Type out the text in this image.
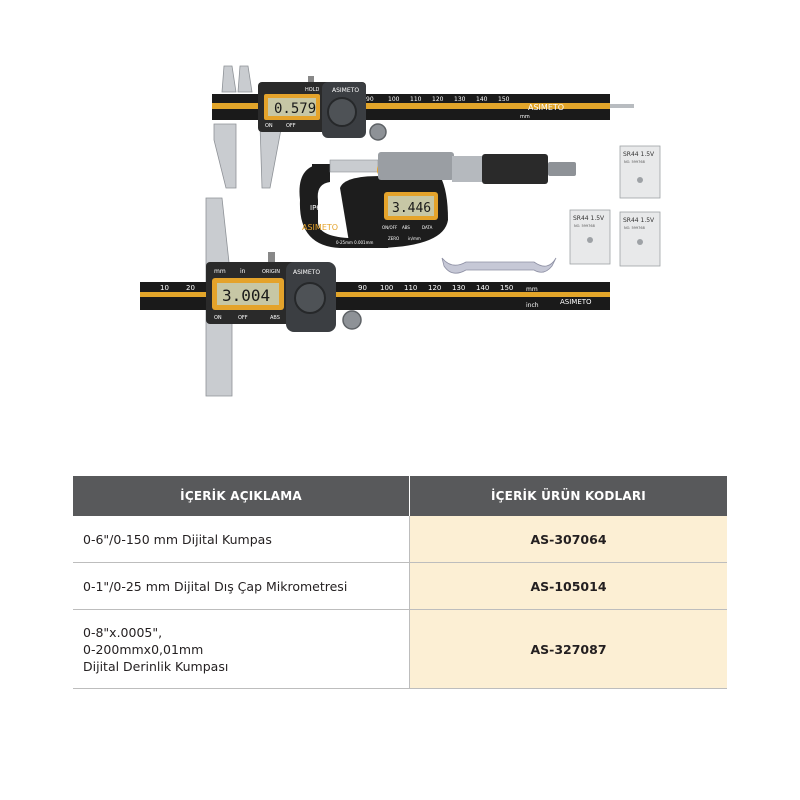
90 100 110 120 130 140 150
mm
ASIMETO
ASIMETO
0.579
ON	OFF
HOLD
3.446
ASIMETO
IP65
0-25mm 0.001mm
ON/OFF ABS	DATA
ZERO in/mm
SR44 1.5V
NO. 599768
SR44 1.5V
NO. 599768
SR44 1.5V
NO. 599768
10 20	90 100 110 120 130 140 150 mm
inch	ASIMETO
ASIMETO
3.004
mm in
ON	OFF
ORIGIN
ABS
İÇERİK AÇIKLAMA	İÇERİK ÜRÜN KODLARI
0-6"/0-150 mm Dijital Kumpas	AS-307064
0-1"/0-25 mm Dijital Dış Çap Mikrometresi	AS-105014

0-8"x.0005",
0-200mmx0,01mm
Dijital Derinlik Kumpası	AS-327087
